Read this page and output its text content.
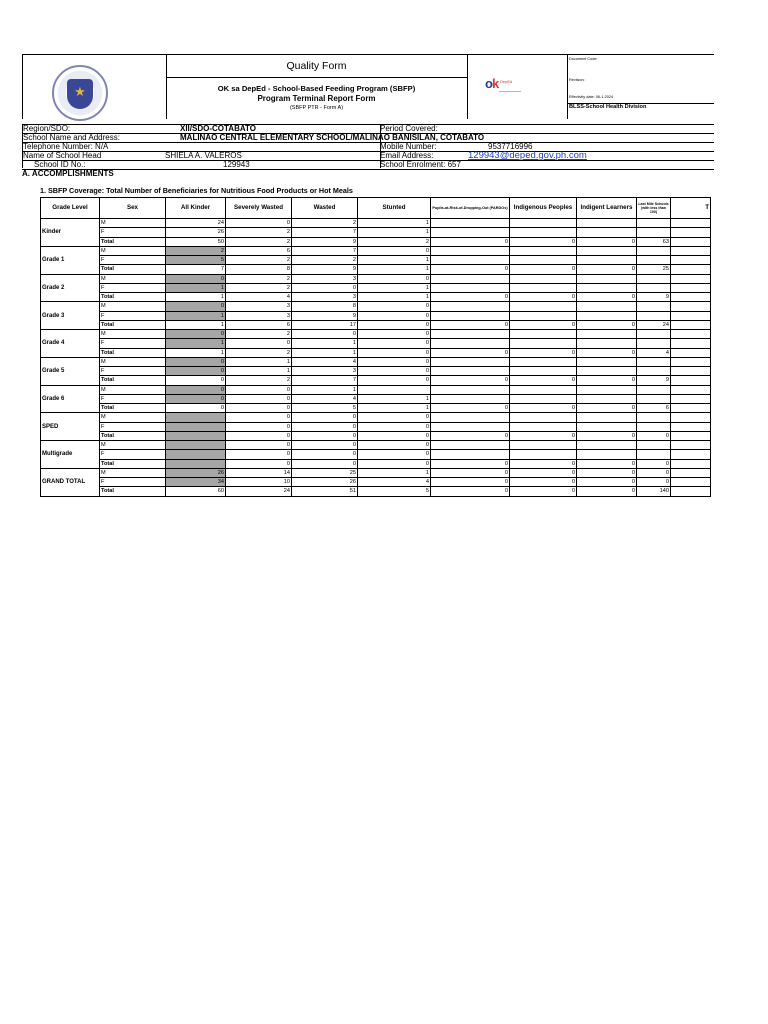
★
Quality Form
OK sa DepEd - School-Based Feeding Program (SBFP)
Program Terminal Report Form
(SBFP PTR - Form A)
o k DepEd
Document Code:
Revision:
Effectivity date: 06-1-2024
BLSS-School Health Division
Region/SDO:	XII/SDO-COTABATO	Period Covered:
School Name and Address:	MALINAO CENTRAL ELEMENTARY SCHOOL/MALINAO BANISILAN, COTABATO
Telephone Number: N/A	Mobile Number:	9537716996
Name of School Head	SHIELA A. VALEROS	Email Address:	129943@deped.gov.ph.com
School ID No.:	129943	School Enrolment: 657
A. ACCOMPLISHMENTS
1. SBFP Coverage: Total Number of Beneficiaries for Nutritious Food Products or Hot Meals
Grade Level	Sex	All Kinder	Severely Wasted	Wasted	Stunted	Pupils-at-Risk-of-Dropping-Out (PARDOs)	Indigenous Peoples	Indigent Learners	Last Mile Schools (with less than 100)	T
Kinder	M	24	0	2	1					
	F	26	2	7	1					
	Total	50	2	9	2	0	0	0	63	
Grade 1	M	2	6	7	0					
	F	5	2	2	1					
	Total	7	8	9	1	0	0	0	25	
Grade 2	M	0	2	3	0					
	F	1	2	0	1					
	Total	1	4	3	1	0	0	0	9	
Grade 3	M	0	3	8	0					
	F	1	3	9	0					
	Total	1	6	17	0	0	0	0	24	
Grade 4	M	0	2	0	0					
	F	1	0	1	0					
	Total	1	2	1	0	0	0	0	4	
Grade 5	M	0	1	4	0					
	F	0	1	3	0					
	Total	0	2	7	0	0	0	0	9	
Grade 6	M	0	0	1						
	F	0	0	4	1					
	Total	0	0	5	1	0	0	0	6	
SPED	M		0	0	0					
	F		0	0	0					
	Total		0	0	0	0	0	0	0	
Multigrade	M		0	0	0					
	F		0	0	0					
	Total		0	0	0	0	0	0	0	
GRAND TOTAL	M	26	14	25	1	0	0	0	0	
	F	34	10	26	4	0	0	0	0	
	Total	60	24	51	5	0	0	0	140	
